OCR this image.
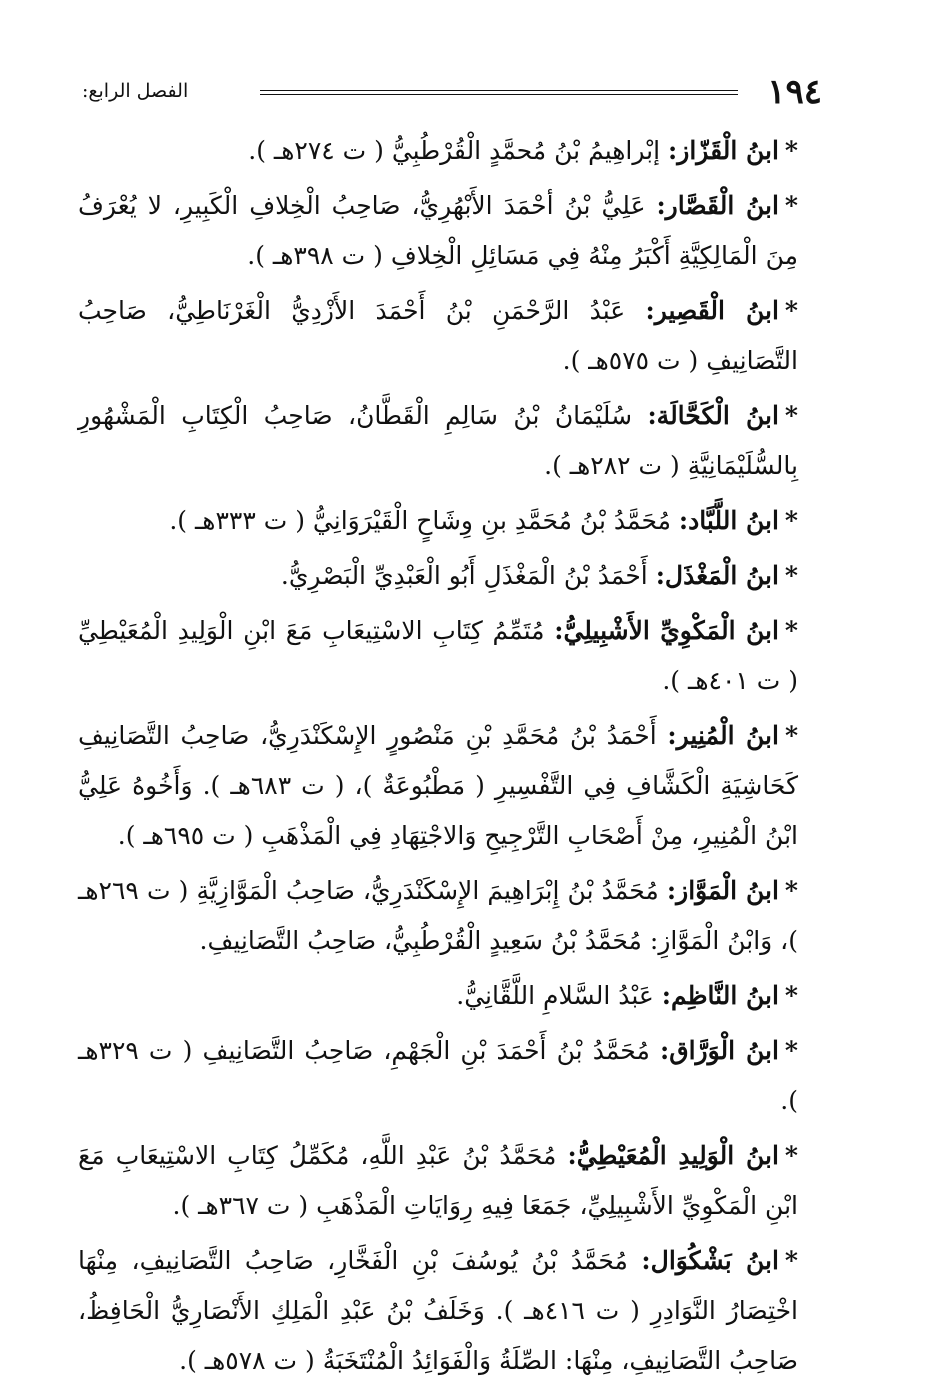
١٩٤
الفصل الرابع:

*ابنُ الْقَزّاز: إبْراهِيمُ بْنُ مُحمَّدٍ الْقُرْطُبِيُّ ( ت ٢٧٤هـ ).

*ابنُ الْقَصَّار: عَلِيُّ بْنُ أحْمَدَ الأَبْهُرِيُّ، صَاحِبُ الْخِلافِ الْكَبِيرِ، لا يُعْرَفُ مِنَ الْمَالِكِيَّةِ أَكْبَرُ مِنْهُ فِي مَسَائِلِ الْخِلافِ ( ت ٣٩٨هـ ).

*ابنُ الْقَصِير: عَبْدُ الرَّحْمَنِ بْنُ أَحْمَدَ الأَزْدِيُّ الْغَرْنَاطِيُّ، صَاحِبُ التَّصَانِيفِ ( ت ٥٧٥هـ ).

*ابنُ الْكَحَّالَة: سُلَيْمَانُ بْنُ سَالِمِ الْقَطَّانُ، صَاحِبُ الْكِتَابِ الْمَشْهُورِ بِالسُّلَيْمَانِيَّةِ ( ت ٢٨٢هـ ).

*ابنُ اللَّبَّاد: مُحَمَّدُ بْنُ مُحَمَّدِ بنِ وِشَاحٍ الْقَيْرَوَانِيُّ ( ت ٣٣٣هـ ).

*ابنُ الْمَغْذَل: أَحْمَدُ بْنُ الْمَغْذَلِ أَبُو الْعَبْدِيِّ الْبَصْرِيُّ.

*ابنُ الْمَكْوِيِّ الأَشْبِيلِيُّ: مُتَمِّمُ كِتَابِ الاسْتِيعَابِ مَعَ ابْنِ الْوَلِيدِ الْمُعَيْطِيِّ ( ت ٤٠١هـ ).

*ابنُ الْمُنِير: أَحْمَدُ بْنُ مُحَمَّدِ بْنِ مَنْصُورٍ الإِسْكَنْدَرِيُّ، صَاحِبُ التَّصَانِيفِ كَحَاشِيَةِ الْكَشَّافِ فِي التَّفْسِيرِ ( مَطْبُوعَةٌ )، ( ت ٦٨٣هـ ). وَأَخُوهُ عَلِيُّ ابْنُ الْمُنِيرِ، مِنْ أَصْحَابِ التَّرْجِيحِ وَالاجْتِهَادِ فِي الْمَذْهَبِ ( ت ٦٩٥هـ ).

*ابنُ الْمَوَّاز: مُحَمَّدُ بْنُ إِبْرَاهِيمَ الإِسْكَنْدَرِيُّ، صَاحِبُ الْمَوَّازِيَّةِ ( ت ٢٦٩هـ )، وَابْنُ الْمَوَّازِ: مُحَمَّدُ بْنُ سَعِيدٍ الْقُرْطُبِيُّ، صَاحِبُ التَّصَانِيفِ.

*ابنُ النَّاظِم: عَبْدُ السَّلامِ اللَّقَّانِيُّ.

*ابنُ الْوَرَّاق: مُحَمَّدُ بْنُ أَحْمَدَ بْنِ الْجَهْمِ، صَاحِبُ التَّصَانِيفِ ( ت ٣٢٩هـ ).

*ابنُ الْوَلِيدِ الْمُعَيْطِيُّ: مُحَمَّدُ بْنُ عَبْدِ اللَّهِ، مُكَمِّلُ كِتَابِ الاسْتِيعَابِ مَعَ ابْنِ الْمَكْوِيِّ الأَشْبِيلِيِّ، جَمَعَا فِيهِ رِوَايَاتِ الْمَذْهَبِ ( ت ٣٦٧هـ ).

*ابنُ بَشْكُوَال: مُحَمَّدُ بْنُ يُوسُفَ بْنِ الْفَخَّارِ، صَاحِبُ التَّصَانِيفِ، مِنْهَا اخْتِصَارُ النَّوَادِرِ ( ت ٤١٦هـ ). وَخَلَفُ بْنُ عَبْدِ الْمَلِكِ الأَنْصَارِيُّ الْحَافِظُ، صَاحِبُ التَّصَانِيفِ، مِنْهَا: الصِّلَةُ وَالْفَوَائِدُ الْمُنْتَخَبَةُ ( ت ٥٧٨هـ ).
